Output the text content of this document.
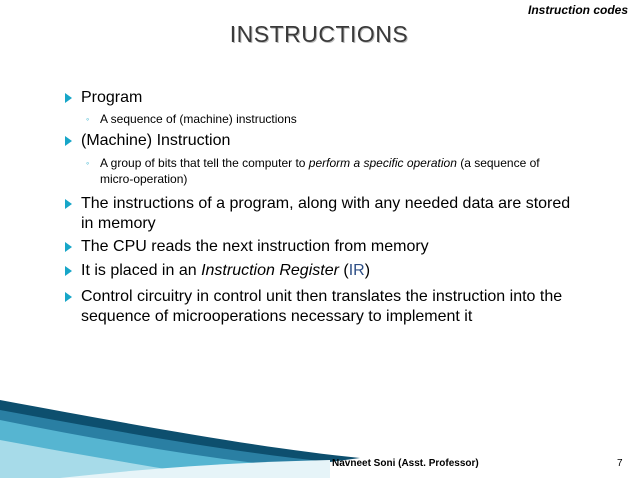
Instruction codes
INSTRUCTIONS
Program
◦ A sequence of (machine) instructions
(Machine) Instruction
◦ A group of bits that tell the computer to perform a specific operation (a sequence of micro-operation)
The instructions of a program, along with any needed data are stored in memory
The CPU reads the next instruction from memory
It is placed in an Instruction Register (IR)
Control circuitry in control unit then translates the instruction into the sequence of microoperations necessary to implement it
Navneet Soni (Asst. Professor)	7
